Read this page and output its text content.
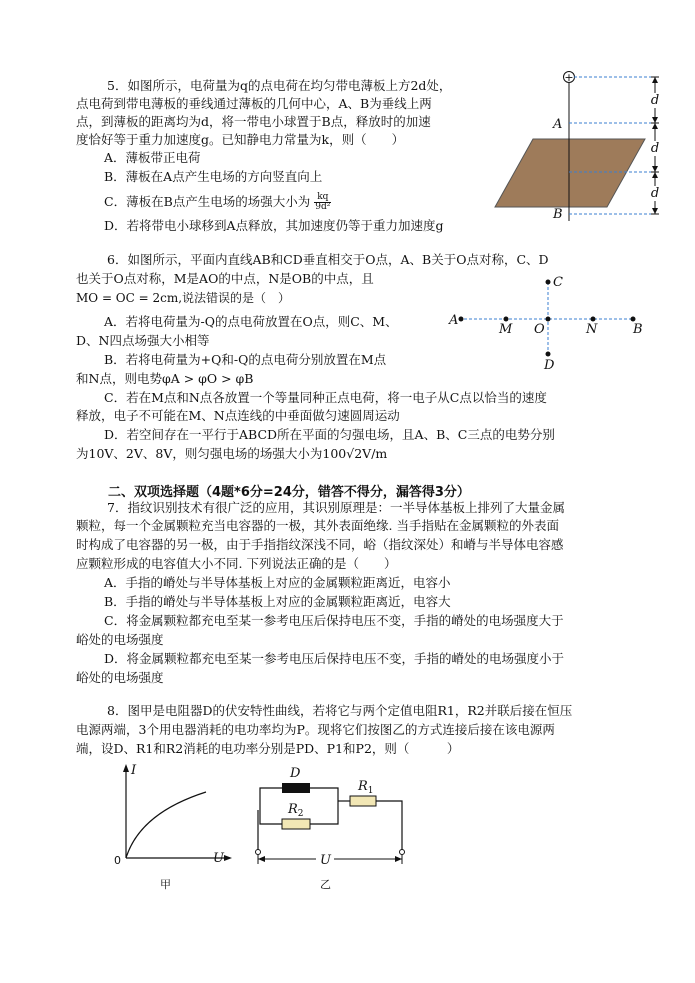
5．如图所示，电荷量为q的点电荷在均匀带电薄板上方2d处，
点电荷到带电薄板的垂线通过薄板的几何中心，A、B为垂线上两
点，到薄板的距离均为d，将一带电小球置于B点，释放时的加速
度恰好等于重力加速度g。已知静电力常量为k，则（　　）
A．薄板带正电荷
B．薄板在A点产生电场的方向竖直向上
C．薄板在B点产生电场的场强大小为 $\frac{kq}{\text{9d²}}$
D．若将带电小球移到A点释放，其加速度仍等于重力加速度g
+
d
d
d
A
B
6．如图所示，平面内直线AB和CD垂直相交于O点，A、B关于O点对称，C、D
也关于O点对称，M是AO的中点，N是OB的中点，且
MO = OC = 2cm,说法错误的是（　）
A．若将电荷量为-Q的点电荷放置在O点，则C、M、
D、N四点场强大小相等
B．若将电荷量为+Q和-Q的点电荷分别放置在M点
和N点，则电势φA > φO > φB
C．若在M点和N点各放置一个等量同种正点电荷，将一电子从C点以恰当的速度
释放，电子不可能在M、N点连线的中垂面做匀速圆周运动
D．若空间存在一平行于ABCD所在平面的匀强电场，且A、B、C三点的电势分别
为10V、2V、8V，则匀强电场的场强大小为100√2V/m
A
M O	N	B
C
D
二、双项选择题（4题*6分=24分，错答不得分，漏答得3分）
7．指纹识别技术有很广泛的应用，其识别原理是：一半导体基板上排列了大量金属
颗粒，每一个金属颗粒充当电容器的一极，其外表面绝缘. 当手指贴在金属颗粒的外表面
时构成了电容器的另一极，由于手指指纹深浅不同，峪（指纹深处）和嵴与半导体电容感
应颗粒形成的电容值大小不同. 下列说法正确的是（　　）
A．手指的嵴处与半导体基板上对应的金属颗粒距离近，电容小
B．手指的嵴处与半导体基板上对应的金属颗粒距离近，电容大
C．将金属颗粒都充电至某一参考电压后保持电压不变，手指的嵴处的电场强度大于
峪处的电场强度
D．将金属颗粒都充电至某一参考电压后保持电压不变，手指的嵴处的电场强度小于
峪处的电场强度
8．图甲是电阻器D的伏安特性曲线，若将它与两个定值电阻R1，R2并联后接在恒压
电源两端，3个用电器消耗的电功率均为P。现将它们按图乙的方式连接后接在该电源两
端，设D、R1和R2消耗的电功率分别是PD、P1和P2，则（　　　）
I
U
0
甲
D
$R_2$
$R_1$
U
乙
